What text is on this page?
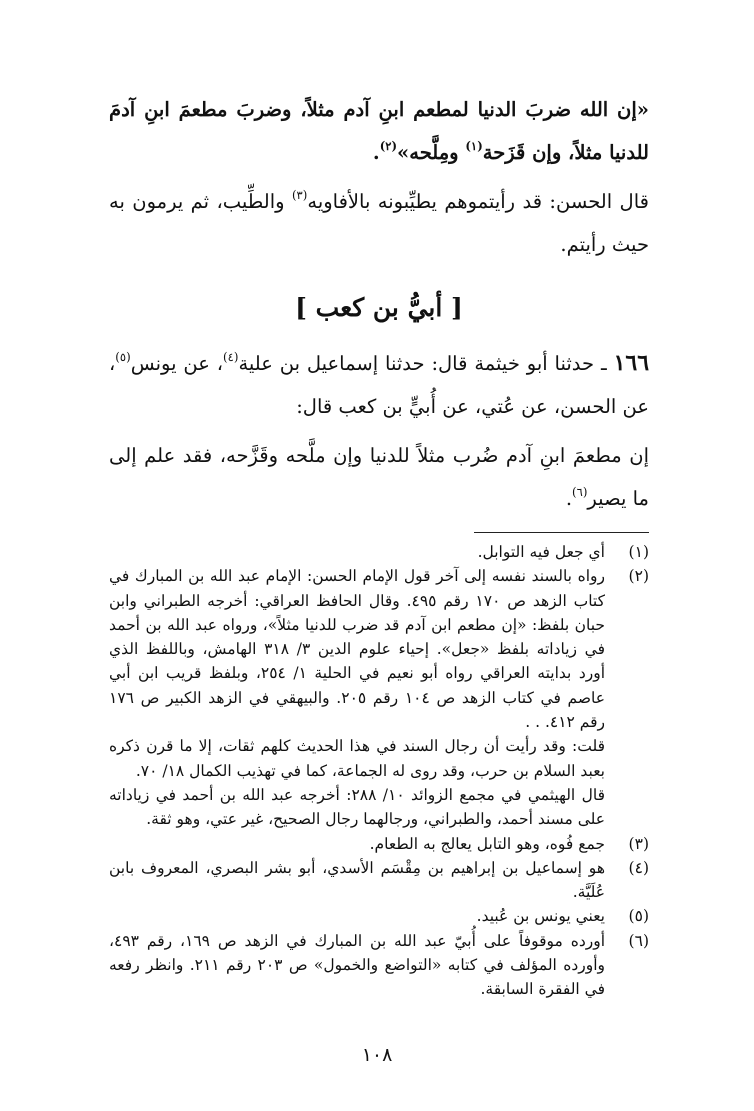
«إن الله ضربَ الدنيا لمطعم ابنِ آدم مثلاً، وضربَ مطعمَ ابنِ آدمَ للدنيا مثلاً، وإن قَزَحة$^{(١)}$ ومِلَّحه»$^{(٢)}$.

قال الحسن: قد رأيتموهم يطيِّبونه بالأفاويه$^{(٣)}$ والطِّيب، ثم يرمون به حيث رأيتم.

[ أبيُّ بن كعب ]

١٦٦ ـ حدثنا أبو خيثمة قال: حدثنا إسماعيل بن علية$^{(٤)}$، عن يونس$^{(٥)}$، عن الحسن، عن عُتي، عن أُبيٍّ بن كعب قال:

إن مطعمَ ابنِ آدم ضُرب مثلاً للدنيا وإن ملَّحه وقَزَّحه، فقد علم إلى ما يصير$^{(٦)}$.

(١)
أي جعل فيه التوابل.
(٢)
رواه بالسند نفسه إلى آخر قول الإمام الحسن: الإمام عبد الله بن المبارك في كتاب الزهد ص ١٧٠ رقم ٤٩٥. وقال الحافظ العراقي: أخرجه الطبراني وابن حبان بلفظ: «إن مطعم ابن آدم قد ضرب للدنيا مثلاً»، ورواه عبد الله بن أحمد في زياداته بلفظ «جعل». إحياء علوم الدين ٣/ ٣١٨ الهامش، وباللفظ الذي أورد بدايته العراقي رواه أبو نعيم في الحلية ١/ ٢٥٤، وبلفظ قريب ابن أبي عاصم في كتاب الزهد ص ١٠٤ رقم ٢٠٥. والبيهقي في الزهد الكبير ص ١٧٦ رقم ٤١٢. . .
قلت: وقد رأيت أن رجال السند في هذا الحديث كلهم ثقات، إلا ما قرن ذكره بعبد السلام بن حرب، وقد روى له الجماعة، كما في تهذيب الكمال ١٨/ ٧٠.
قال الهيثمي في مجمع الزوائد ١٠/ ٢٨٨: أخرجه عبد الله بن أحمد في زياداته على مسند أحمد، والطبراني، ورجالهما رجال الصحيح، غير عتي، وهو ثقة.
(٣)
جمع فُوه، وهو التابل يعالج به الطعام.
(٤)
هو إسماعيل بن إبراهيم بن مِقْسَم الأسدي، أبو بشر البصري، المعروف بابن عُلَيَّة.
(٥)
يعني يونس بن عُبيد.
(٦)
أورده موقوفاً على أُبيّ عبد الله بن المبارك في الزهد ص ١٦٩، رقم ٤٩٣، وأورده المؤلف في كتابه «التواضع والخمول» ص ٢٠٣ رقم ٢١١. وانظر رفعه في الفقرة السابقة.
١٠٨
